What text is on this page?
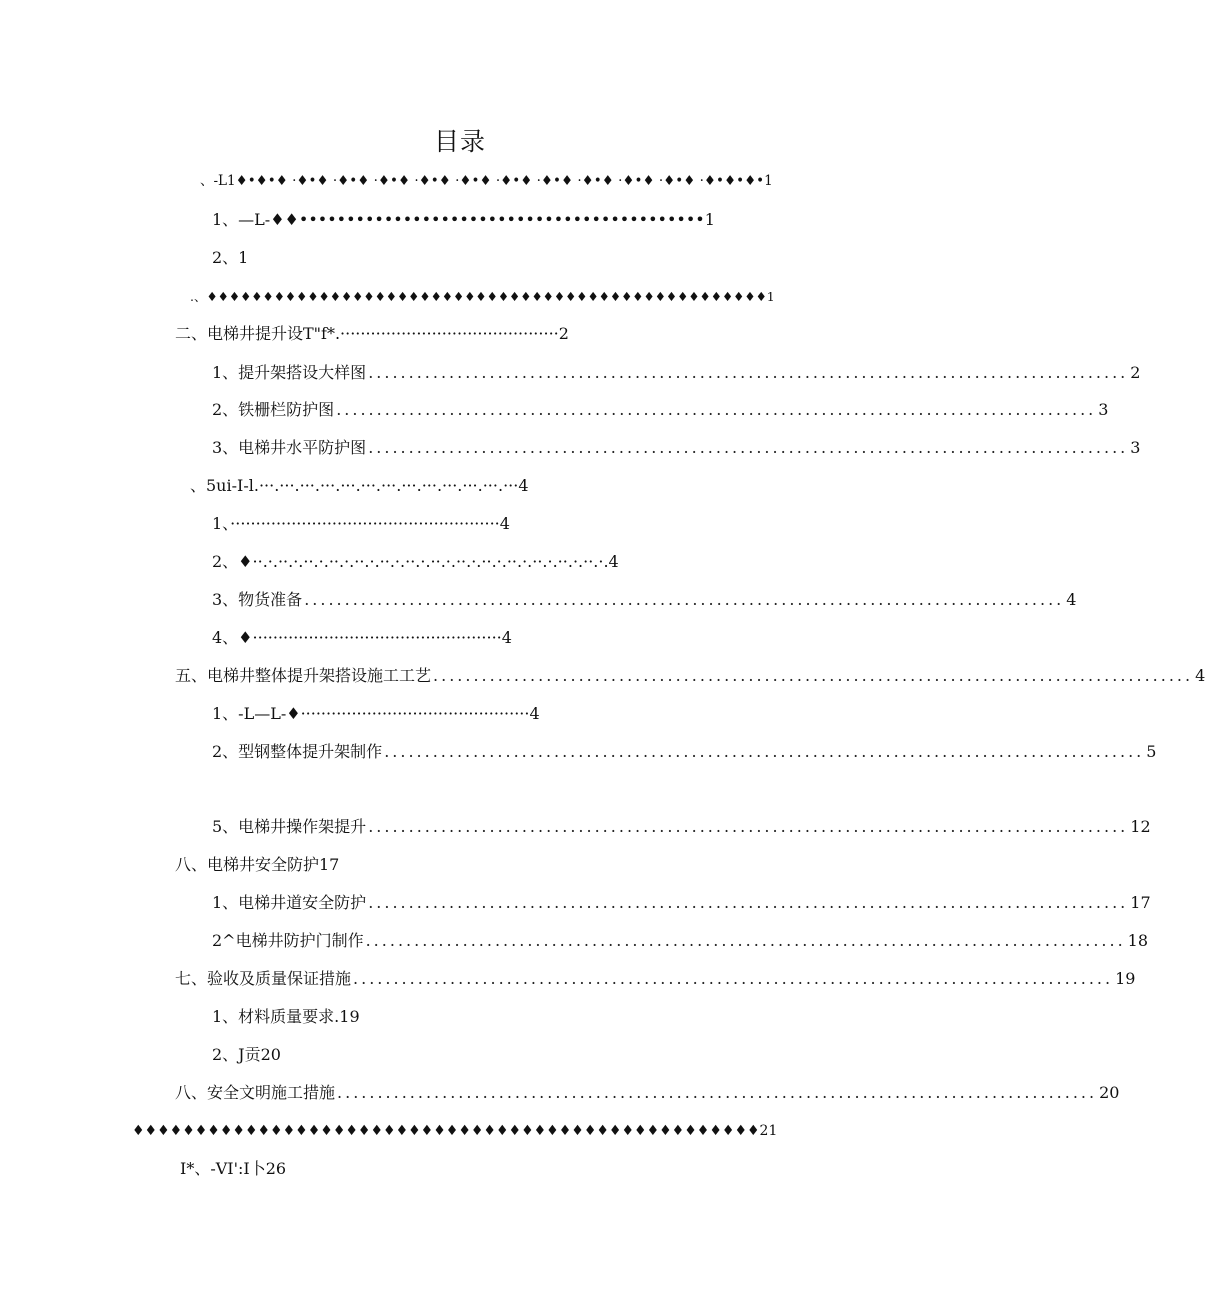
目录
、-L1♦•♦•♦ ·♦•♦ ·♦•♦ ·♦•♦ ·♦•♦ ·♦•♦ ·♦•♦ ·♦•♦ ·♦•♦ ·♦•♦ ·♦•♦ ·♦•♦•♦•1
1、—L-♦♦•••••••••••••••••••••••••••••••••••••••••••1
2、1
.、♦♦♦♦♦♦♦♦♦♦♦♦♦♦♦♦♦♦♦♦♦♦♦♦♦♦♦♦♦♦♦♦♦♦♦♦♦♦♦♦♦♦♦♦♦♦♦♦♦♦1
二、电梯井提升设T"f*.···········································2
1、提升架搭设大样图 .............................................................................................. 2
2、铁栅栏防护图 .............................................................................................. 3
3、电梯井水平防护图 .............................................................................................. 3
、5ui-I-l.···.···.···.···.···.···.···.···.···.···.···.···.···4
1、·····················································4
2、♦··.·.··.·.··.·.··.·.··.·.··.·.··.·.··.·.··.·.··.·.··.·.··.·.··.·.··.·.4
3、物货准备 .............................................................................................. 4
4、♦·················································4
五、电梯井整体提升架搭设施工工艺 .............................................................................................. 4
1、-L—L-♦·············································4
2、型钢整体提升架制作 .............................................................................................. 5
5、电梯井操作架提升 .............................................................................................. 12
八、电梯井安全防护17
1、电梯井道安全防护 .............................................................................................. 17
2^电梯井防护门制作 .............................................................................................. 18
七、验收及质量保证措施 .............................................................................................. 19
1、材料质量要求.19
2、J贡20
八、安全文明施工措施 .............................................................................................. 20
♦♦♦♦♦♦♦♦♦♦♦♦♦♦♦♦♦♦♦♦♦♦♦♦♦♦♦♦♦♦♦♦♦♦♦♦♦♦♦♦♦♦♦♦♦♦♦♦♦♦21
I*、-VI':I卜26
